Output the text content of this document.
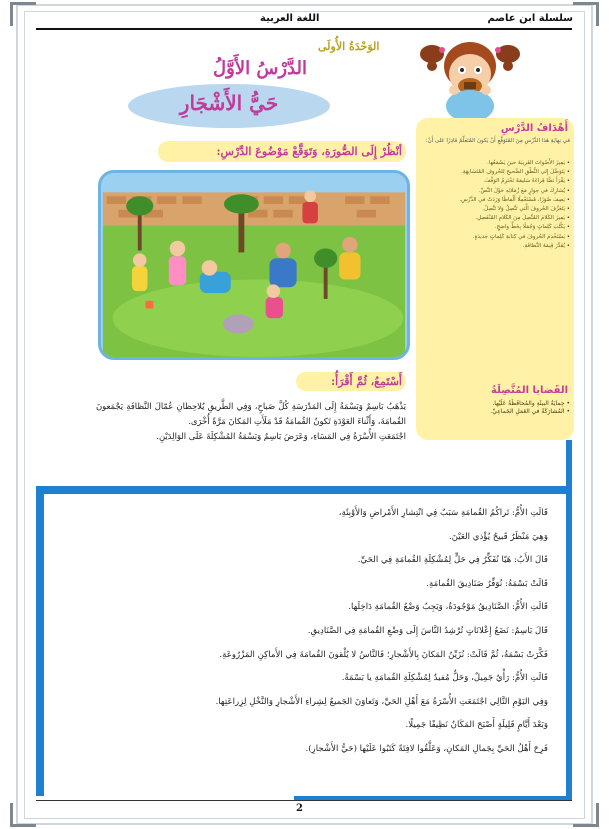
سلسلة ابن عاصم
اللغة العربية
الوَحْدَةُ الأُولَى
الدَّرْسُ الأَوَّلُ
حَيُّ الأَشْجَارِ
أَهْدَافُ الدَّرْسِ
في نِهايَةِ هَذا الدَّرْسِ مِنَ المُتَوَقَّعِ أَنْ يَكونَ المُتَعَلِّمُ قادِرًا عَلى أَنْ:
• يَمِيزَ الأَصْواتَ القَريبَةَ حينَ يَسْمَعُها.
• يَتَوَصَّلَ إِلى النُّطْقِ الصَّحيحِ لِلحُروفِ المُتَشابِهَةِ.
• يَقْرَأَ نَصًّا قِراءَةً سَليمَةً تَحْتَرِمُ الوَقْفَ.
• يُشارِكَ في حِوارٍ مَعَ زُمَلائِهِ حَوْلَ النَّصِّ.
• يَصِفَ صُوَرًا، مُسْتَعْمِلًا أَلْفاظًا وَرَدَتْ في الدَّرْسِ.
• يَتَعَرَّفَ الحُروفَ الَّتي تَتَّصِلُ وَلا تَتَّصِلُ.
• يَمِيزَ الكَلامَ المُتَّصِلَ مِنَ الكَلامِ المُنْفَصِلِ.
• يَكْتُبَ كَلِماتٍ وَجُمَلًا بِخَطٍّ واضِحٍ.
• يَسْتَخْدِمَ الحُروفَ في كِتابَةِ كَلِماتٍ جَديدَةٍ.
• يُقَدِّرَ قِيمَةَ النَّظافَةِ.
القَضايا المُتَّصِلَةُ
• حِمايَةُ البيئَةِ والمُحافَظَةُ عَلَيْها.
• المُشارَكَةُ في العَمَلِ الجَماعِيِّ.
أنْظُرْ إِلَى الصُّورَةِ، وَتَوَقَّعْ مَوْضُوعَ الدَّرْسِ:
أَسْتَمِعُ، ثُمَّ أَقْرَأُ:

يَذْهَبُ بَاسِمٌ وَبَسْمَةُ إِلَى المَدْرَسَةِ كُلَّ صَباحٍ، وَفِي الطَّريقِ يُلاحِظانِ عُمّالَ النَّظافَةِ يَجْمَعونَ القُمامَةَ، وَأَثْناءَ العَوْدَةِ تَكونُ القُمامَةُ قَدْ مَلَأَتِ المَكانَ مَرَّةً أُخْرَى.

اجْتَمَعَتِ الأُسْرَةُ فِي المَسَاءِ، وَعَرَضَ بَاسِمٌ وَبَسْمَةُ المُشْكِلَةَ عَلَى الوَالِدَيْنِ.

قَالَتِ الأُمُّ: تَراكُمُ القُمامَةِ سَبَبٌ فِي انْتِشارِ الأَمْراضِ وَالأَوْبِئَةِ،
وَهِيَ مَنْظَرٌ قَبيحٌ يُؤْذي العَيْنَ.
قَالَ الأَبُ: هَيّا نُفَكِّرُ فِي حَلٍّ لِمُشْكِلَةِ القُمامَةِ فِي الحَيِّ.
قَالَتْ بَسْمَةُ: نُوَفِّرُ صَنَادِيقَ القُمامَةِ.
قَالَتِ الأُمُّ: الصَّنَادِيقُ مَوْجُودَةٌ، وَيَجِبُ وَضْعُ القُمامَةِ دَاخِلَها.
قَالَ بَاسِمٌ: نَضَعُ إِعْلانَاتٍ تُرْشِدُ النَّاسَ إِلَى وَضْعِ القُمامَةِ فِي الصَّنَادِيقِ.
فَكَّرَتْ بَسْمَةُ، ثُمَّ قَالَتْ: نُزَيِّنُ المَكانَ بِالأَشْجارِ؛ فَالنَّاسُ لا يُلْقونَ القُمامَةَ فِي الأَماكِنِ المَزْرُوعَةِ.
قَالَتِ الأُمُّ: رَأْيٌ جَمِيلٌ، وَحَلٌّ مُفيدٌ لِمُشْكِلَةِ القُمامَةِ يا بَسْمَةُ.
وَفِي اليَوْمِ التَّالِي اجْتَمَعَتِ الأُسْرَةُ مَعَ أَهْلِ الحَيِّ، وَتَعاوَنَ الجَميعُ لِشِراءِ الأَشْجارِ وَالنَّخْلِ لِزِراعَتِها.
وَبَعْدَ أَيَّامٍ قَلِيلَةٍ أَصْبَحَ المَكَانُ نَظِيفًا جَمِيلًا.
فَرِحَ أَهْلُ الحَيِّ بِجَمالِ المَكانِ، وَعَلَّقُوا لافِتَةً كَتَبُوا عَلَيْها (حَيُّ الأَشْجارِ).
2
